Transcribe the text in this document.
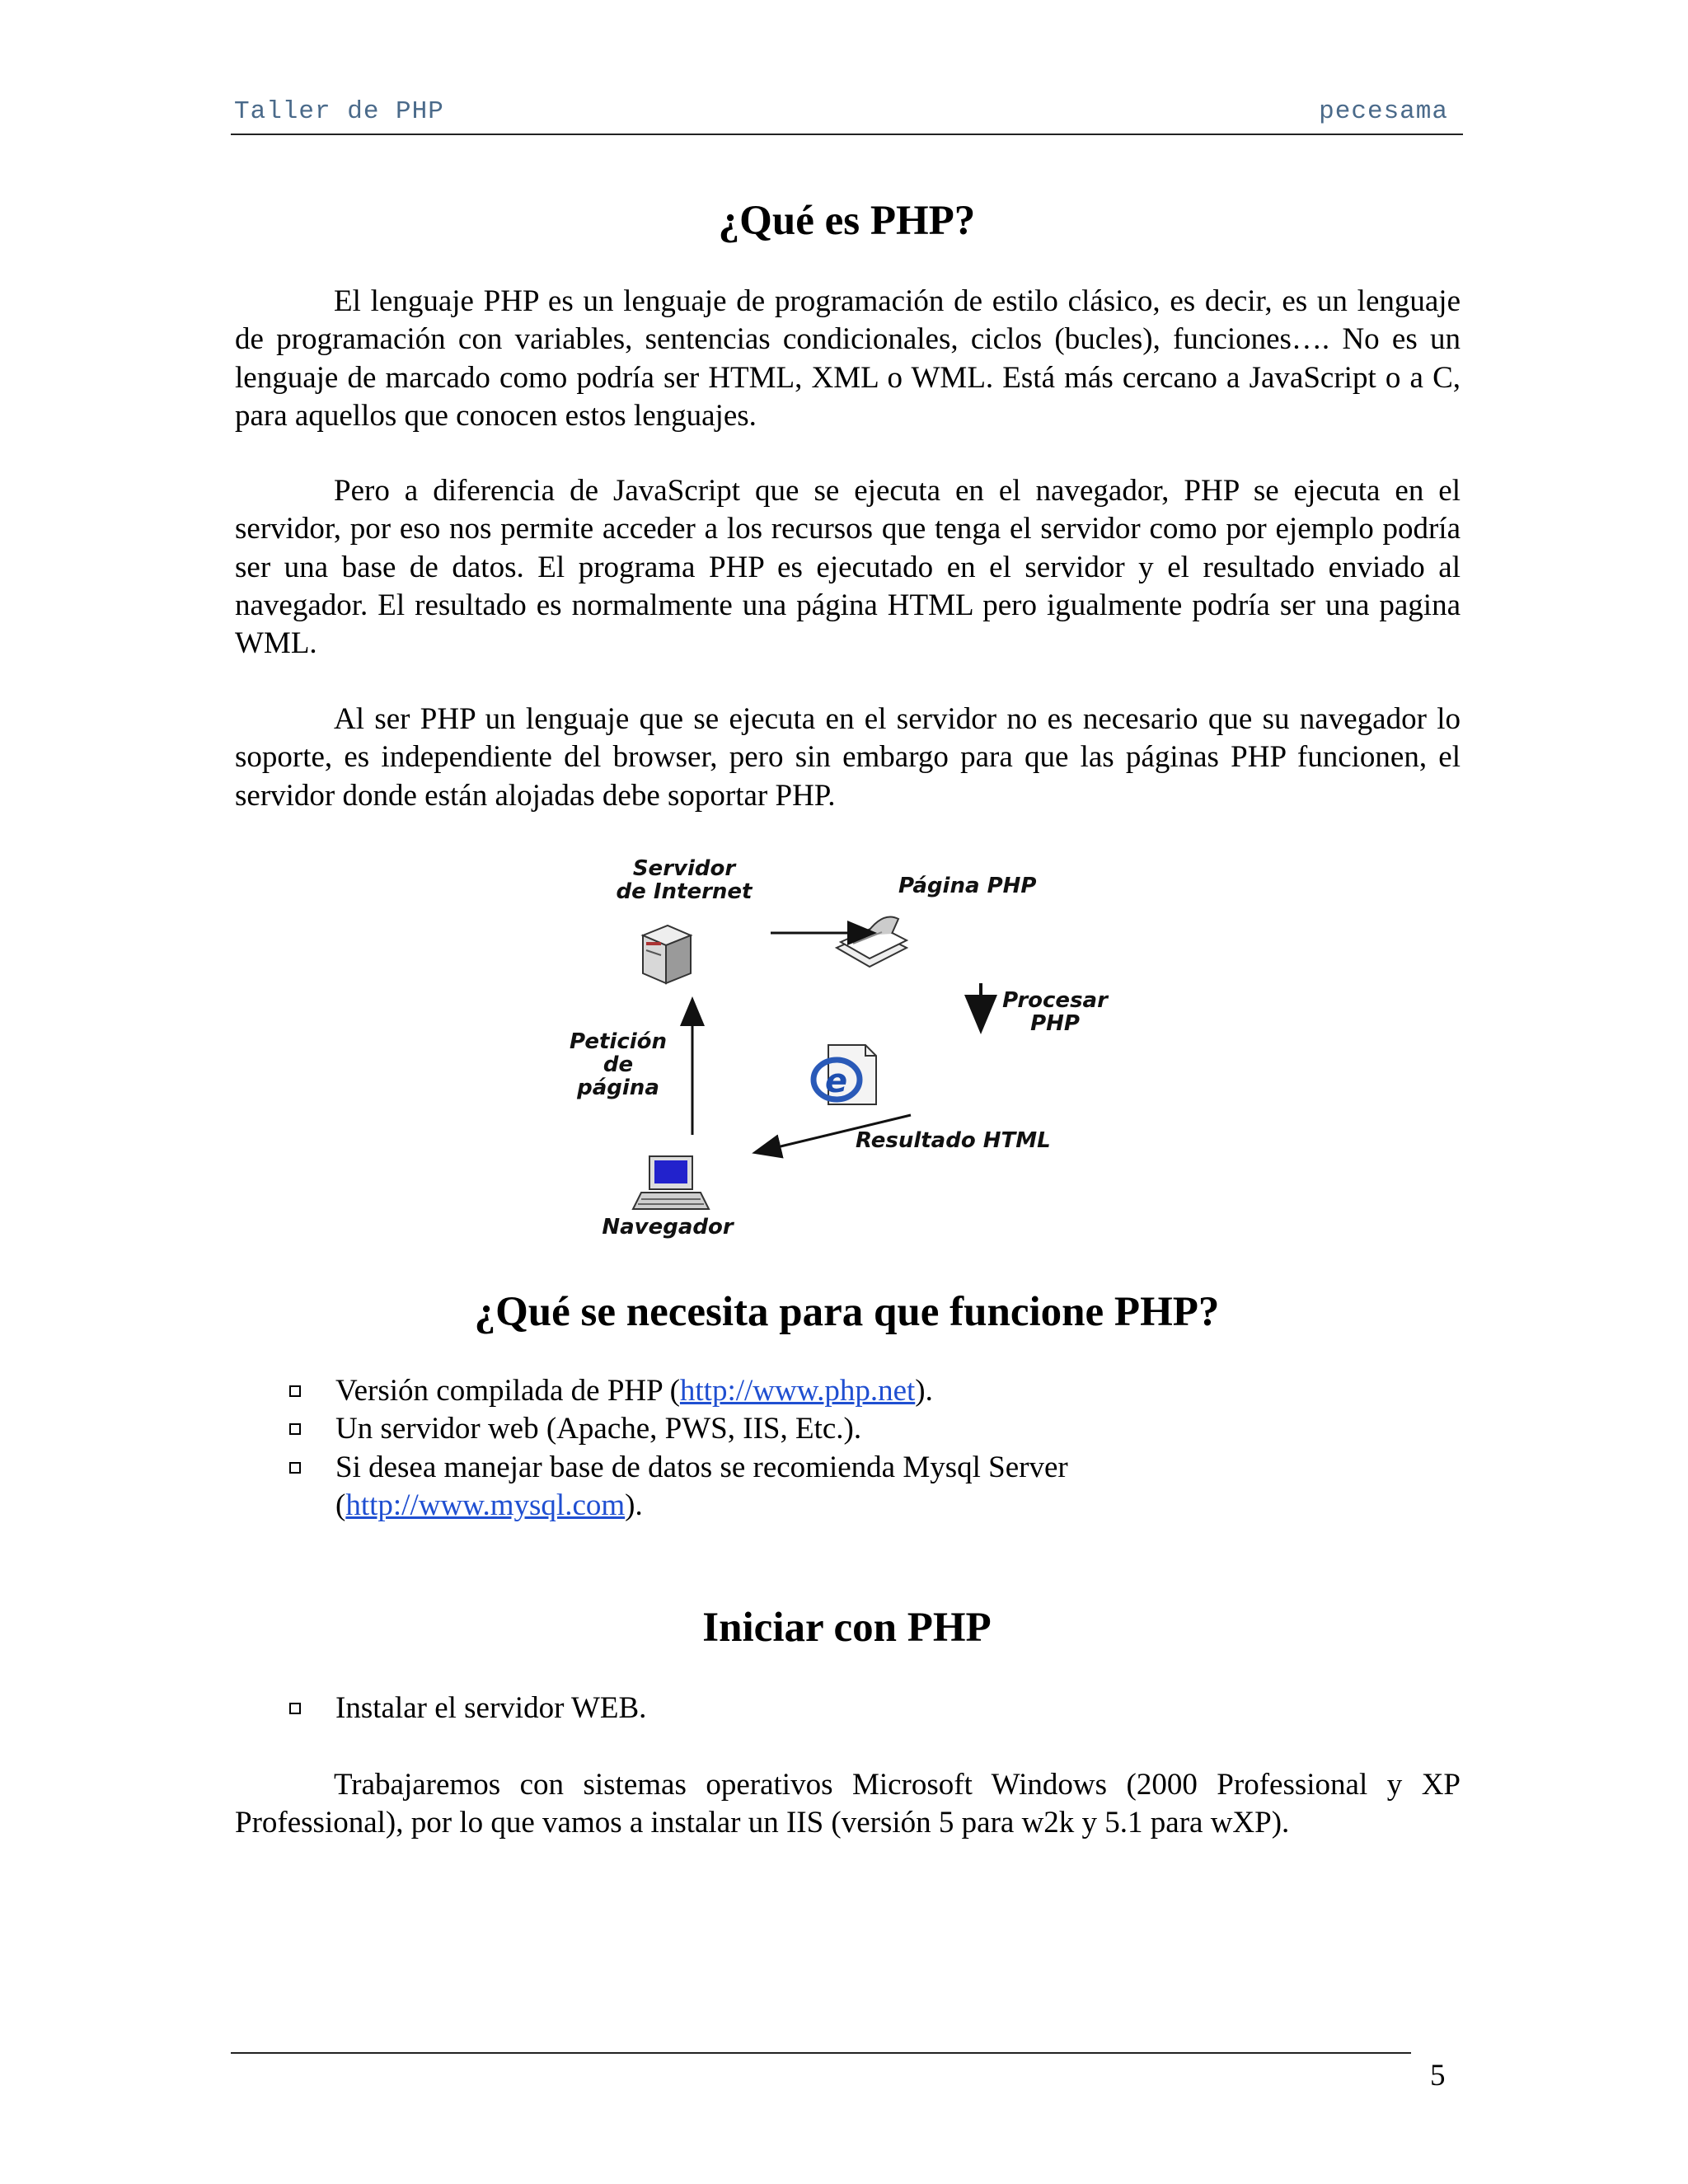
Taller de PHP	pecesama
¿Qué es PHP?

El lenguaje PHP es un lenguaje de programación de estilo clásico, es decir, es un lenguaje de programación con variables, sentencias condicionales, ciclos (bucles), funciones…. No es un lenguaje de marcado como podría ser HTML, XML o WML. Está más cercano a JavaScript o a C, para aquellos que conocen estos lenguajes.

Pero a diferencia de JavaScript que se ejecuta en el navegador, PHP se ejecuta en el servidor, por eso nos permite acceder a los recursos que tenga el servidor como por ejemplo podría ser una base de datos. El programa PHP es ejecutado en el servidor y el resultado enviado al navegador. El resultado es normalmente una página HTML pero igualmente podría ser una pagina WML.

Al ser PHP un lenguaje que se ejecuta en el servidor no es necesario que su navegador lo soporte, es independiente del browser, pero sin embargo para que las páginas PHP funcionen, el servidor donde están alojadas debe soportar PHP.

e
Servidor
de Internet	Página PHP
Procesar
PHP
Petición
de
página
Resultado HTML
Navegador
¿Qué se necesita para que funcione PHP?
Versión compilada de PHP (http://www.php.net).
Un servidor web (Apache, PWS, IIS, Etc.).
Si desea manejar base de datos se recomienda Mysql Server (http://www.mysql.com).
Iniciar con PHP
Instalar el servidor WEB.

Trabajaremos con sistemas operativos Microsoft Windows (2000 Professional y XP Professional), por lo que vamos a instalar un IIS (versión 5 para w2k y 5.1 para wXP).

5
